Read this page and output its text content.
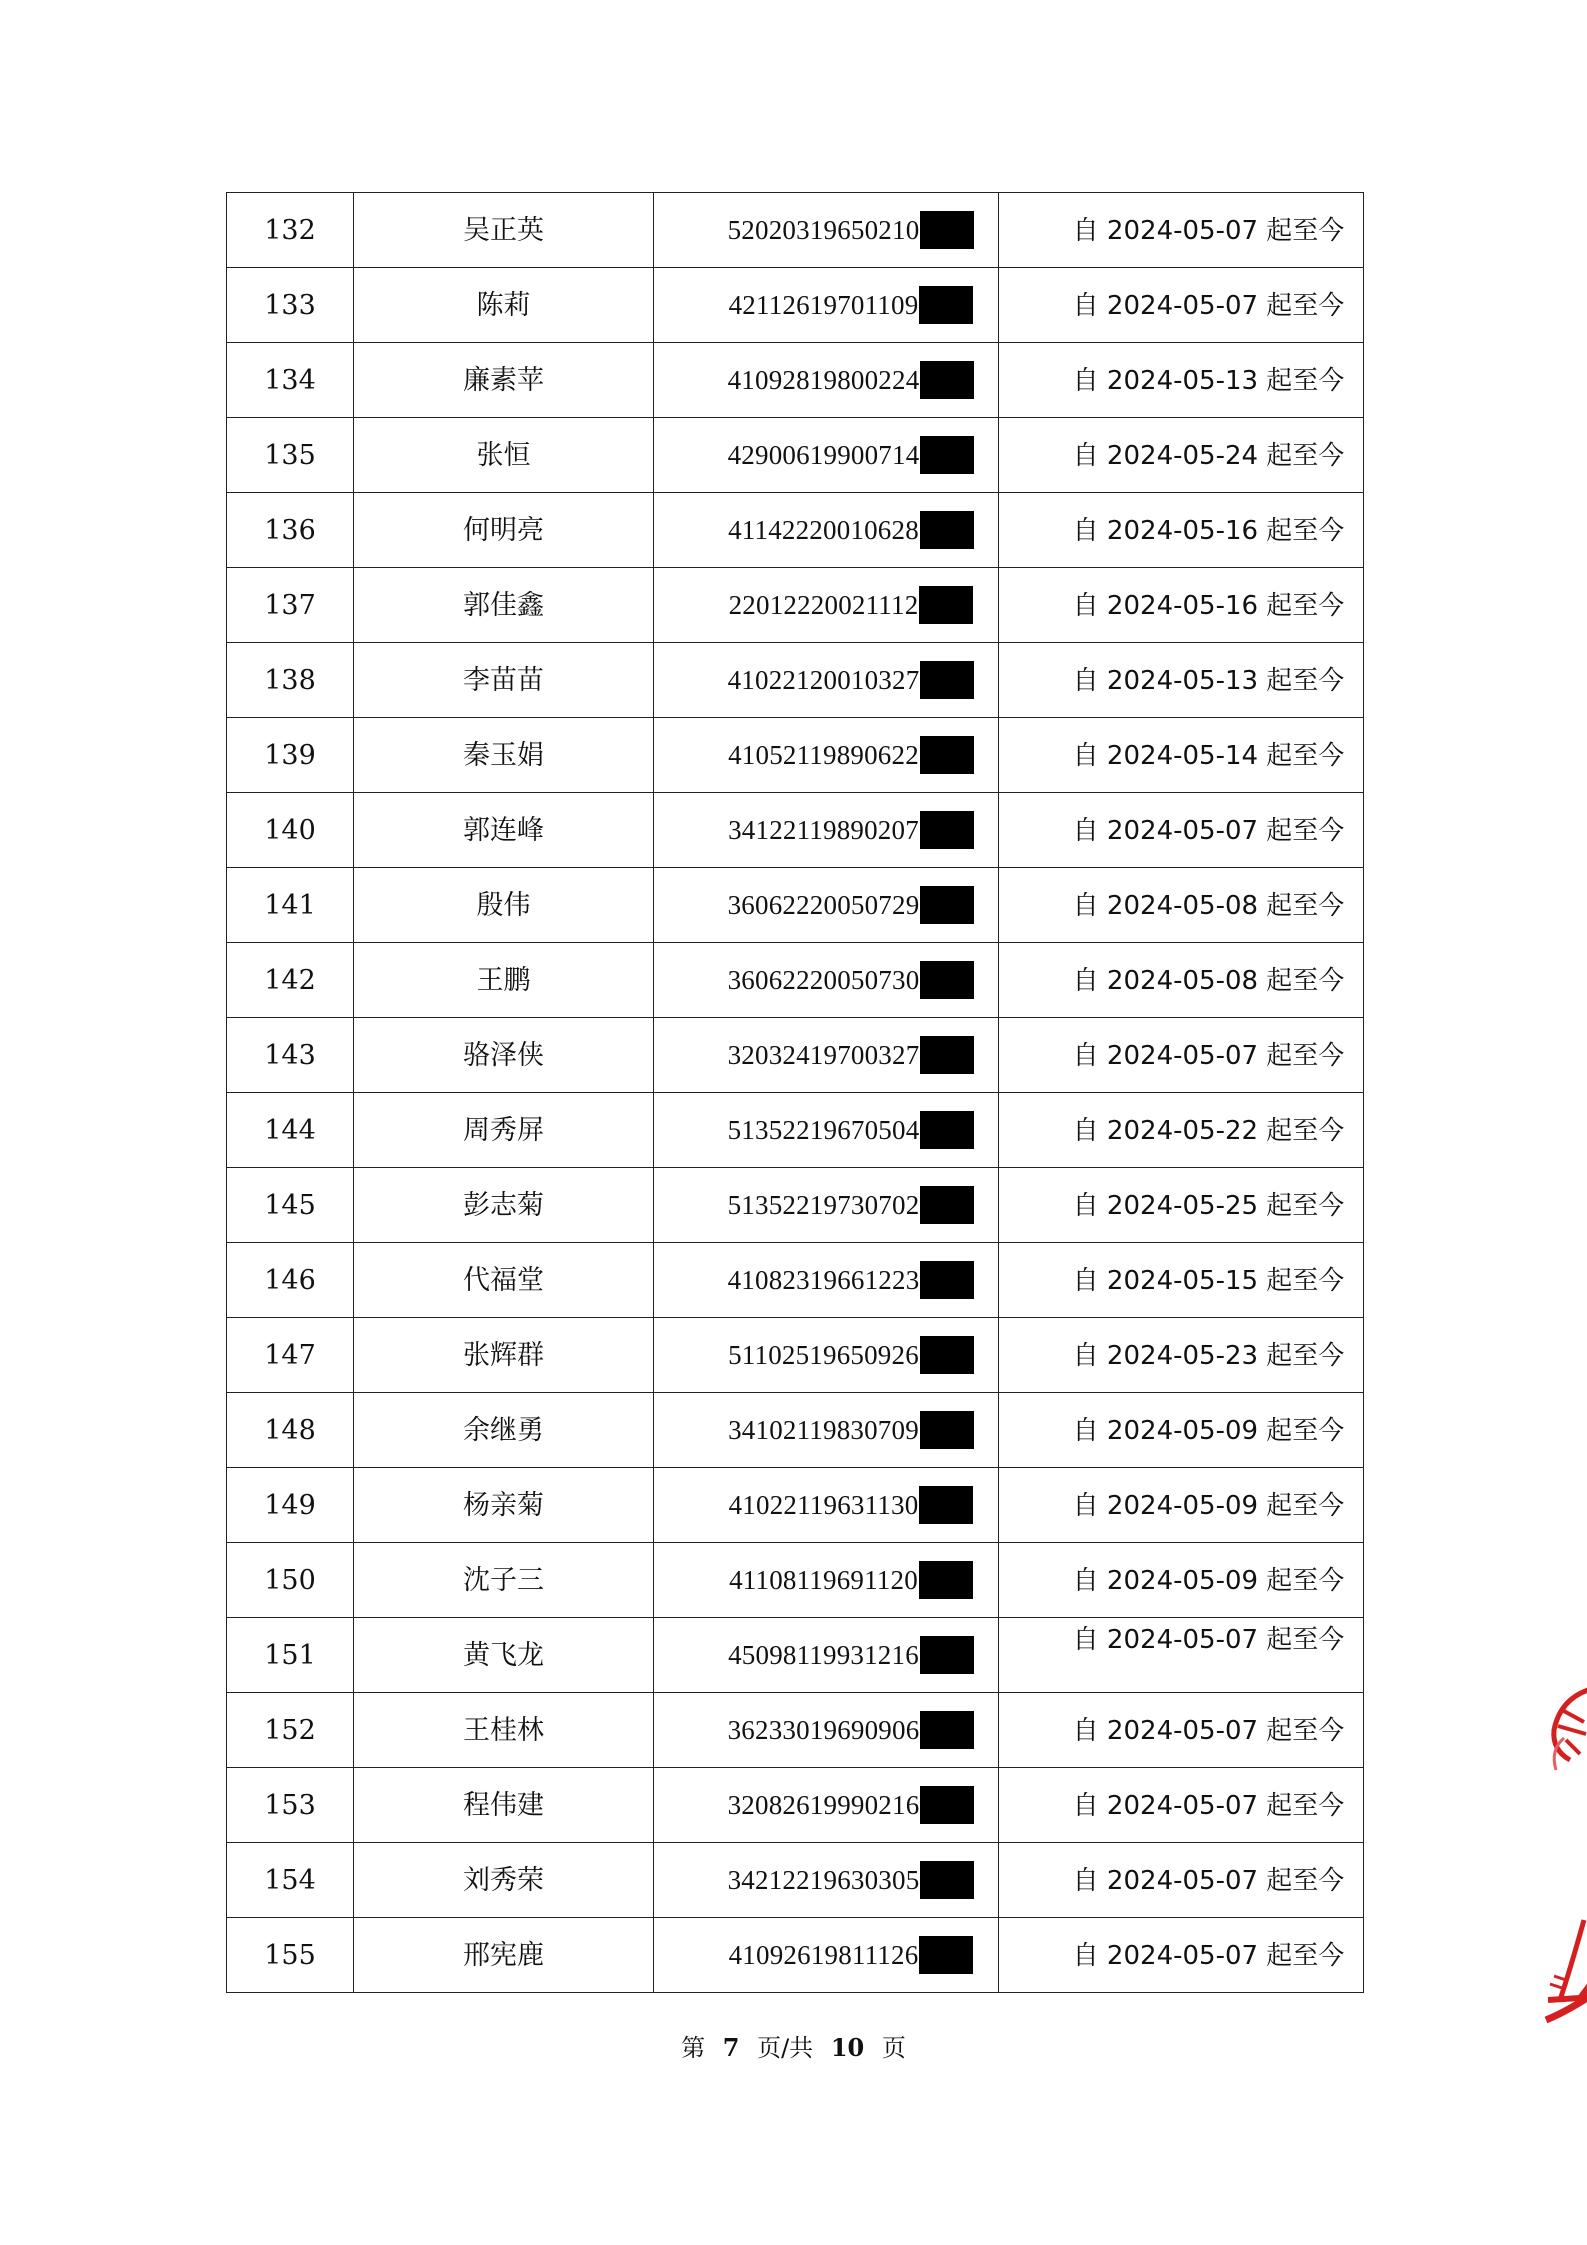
132	吴正英	52020319650210	自 2024-05-07 起至今
133	陈莉	42112619701109	自 2024-05-07 起至今
134	廉素苹	41092819800224	自 2024-05-13 起至今
135	张恒	42900619900714	自 2024-05-24 起至今
136	何明亮	41142220010628	自 2024-05-16 起至今
137	郭佳鑫	22012220021112	自 2024-05-16 起至今
138	李苗苗	41022120010327	自 2024-05-13 起至今
139	秦玉娟	41052119890622	自 2024-05-14 起至今
140	郭连峰	34122119890207	自 2024-05-07 起至今
141	殷伟	36062220050729	自 2024-05-08 起至今
142	王鹏	36062220050730	自 2024-05-08 起至今
143	骆泽侠	32032419700327	自 2024-05-07 起至今
144	周秀屏	51352219670504	自 2024-05-22 起至今
145	彭志菊	51352219730702	自 2024-05-25 起至今
146	代福堂	41082319661223	自 2024-05-15 起至今
147	张辉群	51102519650926	自 2024-05-23 起至今
148	余继勇	34102119830709	自 2024-05-09 起至今
149	杨亲菊	41022119631130	自 2024-05-09 起至今
150	沈子三	41108119691120	自 2024-05-09 起至今
151	黄飞龙	45098119931216	自 2024-05-07 起至今
152	王桂林	36233019690906	自 2024-05-07 起至今
153	程伟建	32082619990216	自 2024-05-07 起至今
154	刘秀荣	34212219630305	自 2024-05-07 起至今
155	邢宪鹿	41092619811126	自 2024-05-07 起至今
第 7 页/共 10 页
